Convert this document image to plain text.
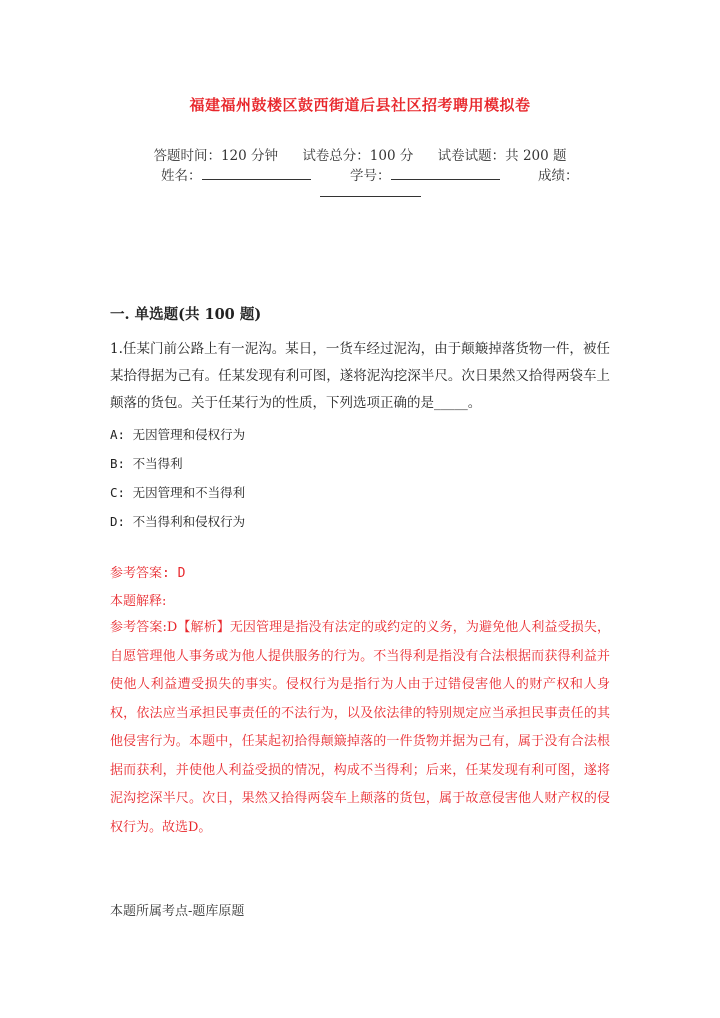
福建福州鼓楼区鼓西街道后县社区招考聘用模拟卷
答题时间：120 分钟 试卷总分：100 分 试卷试题：共 200 题
姓名：	学号：	成绩：
一. 单选题(共 100 题)
1.任某门前公路上有一泥沟。某日，一货车经过泥沟，由于颠簸掉落货物一件，被任某拾得据为己有。任某发现有利可图，遂将泥沟挖深半尺。次日果然又拾得两袋车上颠落的货包。关于任某行为的性质，下列选项正确的是_____。
A: 无因管理和侵权行为
B: 不当得利
C: 无因管理和不当得利
D: 不当得利和侵权行为
参考答案: D
本题解释:
参考答案:D【解析】无因管理是指没有法定的或约定的义务，为避免他人利益受损失，自愿管理他人事务或为他人提供服务的行为。不当得利是指没有合法根据而获得利益并使他人利益遭受损失的事实。侵权行为是指行为人由于过错侵害他人的财产权和人身权，依法应当承担民事责任的不法行为，以及依法律的特别规定应当承担民事责任的其他侵害行为。本题中，任某起初拾得颠簸掉落的一件货物并据为己有，属于没有合法根据而获利，并使他人利益受损的情况，构成不当得利；后来，任某发现有利可图，遂将泥沟挖深半尺。次日，果然又拾得两袋车上颠落的货包，属于故意侵害他人财产权的侵权行为。故选D。
本题所属考点-题库原题
